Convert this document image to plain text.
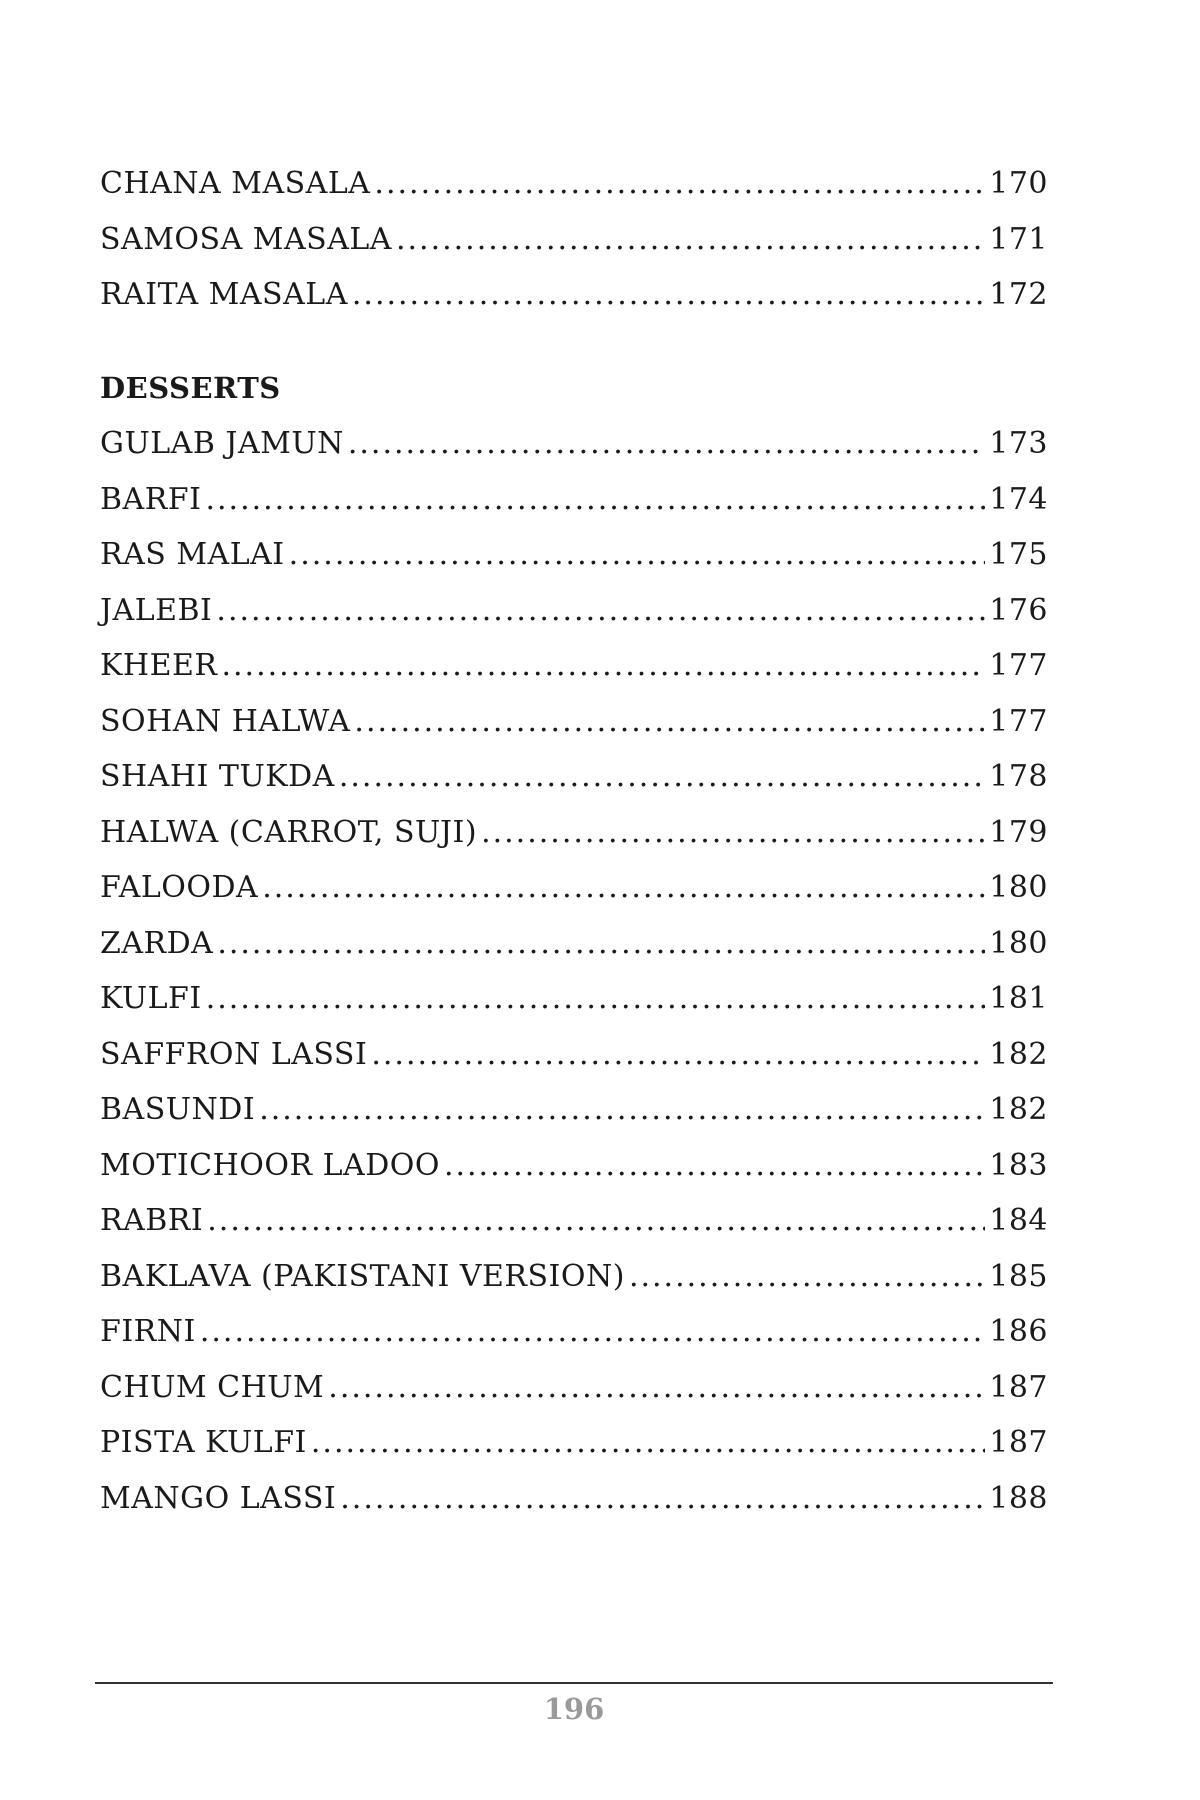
CHANA MASALA .....	170
SAMOSA MASALA .....	171
RAITA MASALA .....	172
DESSERTS
GULAB JAMUN .....	173
BARFI .....	174
RAS MALAI .....	175
JALEBI .....	176
KHEER .....	177
SOHAN HALWA .....	177
SHAHI TUKDA .....	178
HALWA (CARROT, SUJI) .....	179
FALOODA .....	180
ZARDA .....	180
KULFI .....	181
SAFFRON LASSI .....	182
BASUNDI .....	182
MOTICHOOR LADOO .....	183
RABRI .....	184
BAKLAVA (PAKISTANI VERSION) .....	185
FIRNI .....	186
CHUM CHUM .....	187
PISTA KULFI .....	187
MANGO LASSI .....	188
196
